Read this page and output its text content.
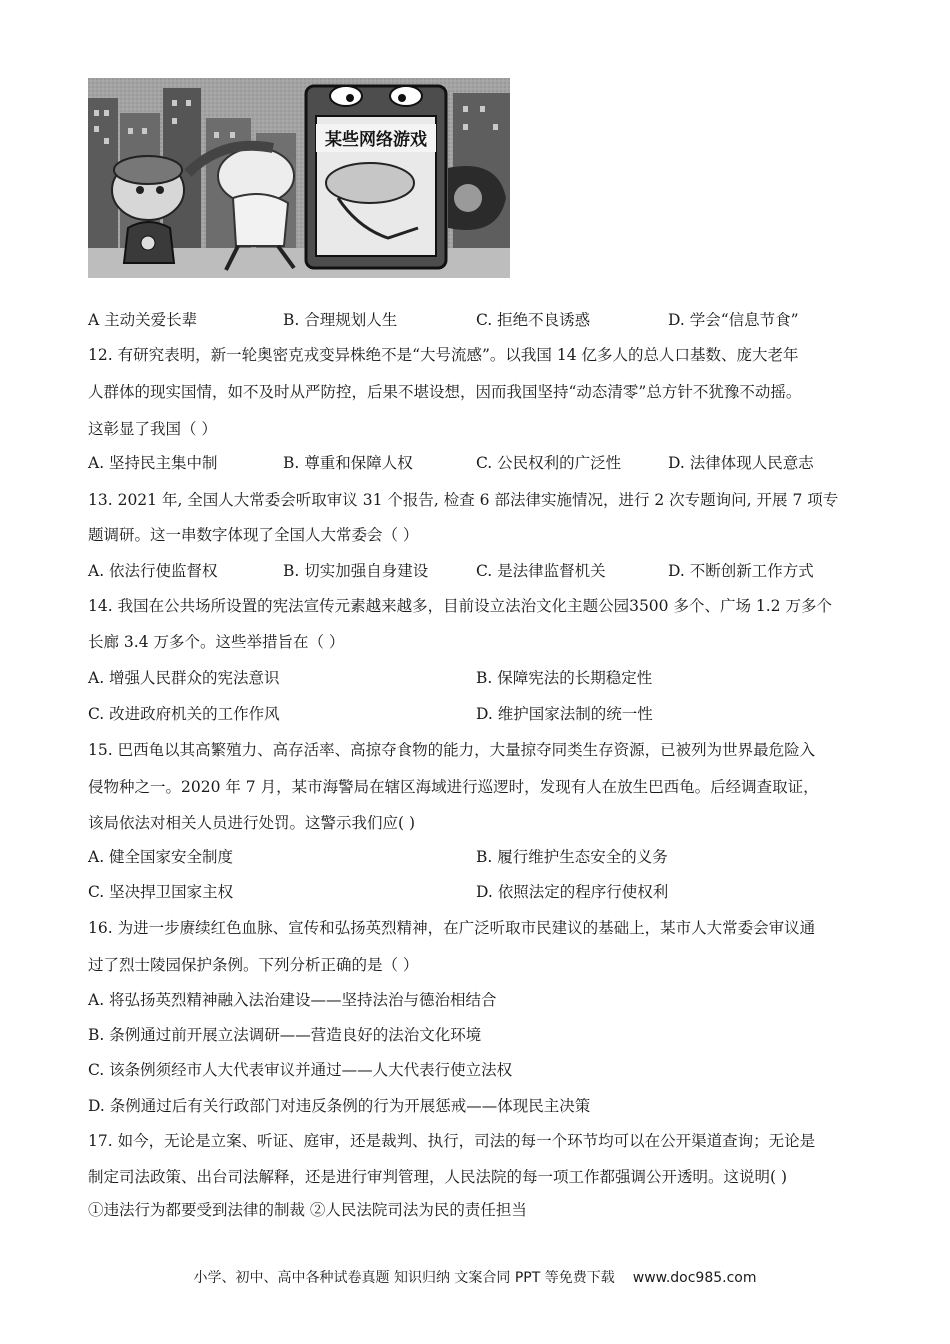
某些网络游戏
A 主动关爱长辈	B. 合理规划人生	C. 拒绝不良诱惑	D. 学会“信息节食”
12. 有研究表明，新一轮奥密克戎变异株绝不是“大号流感”。以我国 14 亿多人的总人口基数、庞大老年
人群体的现实国情，如不及时从严防控，后果不堪设想，因而我国坚持“动态清零”总方针不犹豫不动摇。
这彰显了我国（ ）
A. 坚持民主集中制	B. 尊重和保障人权	C. 公民权利的广泛性	D. 法律体现人民意志
13. 2021 年, 全国人大常委会听取审议 31 个报告, 检查 6 部法律实施情况，进行 2 次专题询问, 开展 7 项专
题调研。这一串数字体现了全国人大常委会（ ）
A. 依法行使监督权	B. 切实加强自身建设	C. 是法律监督机关	D. 不断创新工作方式
14. 我国在公共场所设置的宪法宣传元素越来越多，目前设立法治文化主题公园3500 多个、广场 1.2 万多个
长廊 3.4 万多个。这些举措旨在（ ）
A. 增强人民群众的宪法意识	B. 保障宪法的长期稳定性
C. 改进政府机关的工作作风	D. 维护国家法制的统一性
15. 巴西龟以其高繁殖力、高存活率、高掠夺食物的能力，大量掠夺同类生存资源，已被列为世界最危险入
侵物种之一。2020 年 7 月，某市海警局在辖区海域进行巡逻时，发现有人在放生巴西龟。后经调查取证，
该局依法对相关人员进行处罚。这警示我们应( )
A. 健全国家安全制度	B. 履行维护生态安全的义务
C. 坚决捍卫国家主权	D. 依照法定的程序行使权利
16. 为进一步赓续红色血脉、宣传和弘扬英烈精神，在广泛听取市民建议的基础上，某市人大常委会审议通
过了烈士陵园保护条例。下列分析正确的是（ ）
A. 将弘扬英烈精神融入法治建设——坚持法治与德治相结合
B. 条例通过前开展立法调研——营造良好的法治文化环境
C. 该条例须经市人大代表审议并通过——人大代表行使立法权
D. 条例通过后有关行政部门对违反条例的行为开展惩戒——体现民主决策
17. 如今，无论是立案、听证、庭审，还是裁判、执行，司法的每一个环节均可以在公开渠道查询；无论是
制定司法政策、出台司法解释，还是进行审判管理，人民法院的每一项工作都强调公开透明。这说明( )
①违法行为都要受到法律的制裁 ②人民法院司法为民的责任担当
小学、初中、高中各种试卷真题 知识归纳 文案合同 PPT 等免费下载 www.doc985.com
